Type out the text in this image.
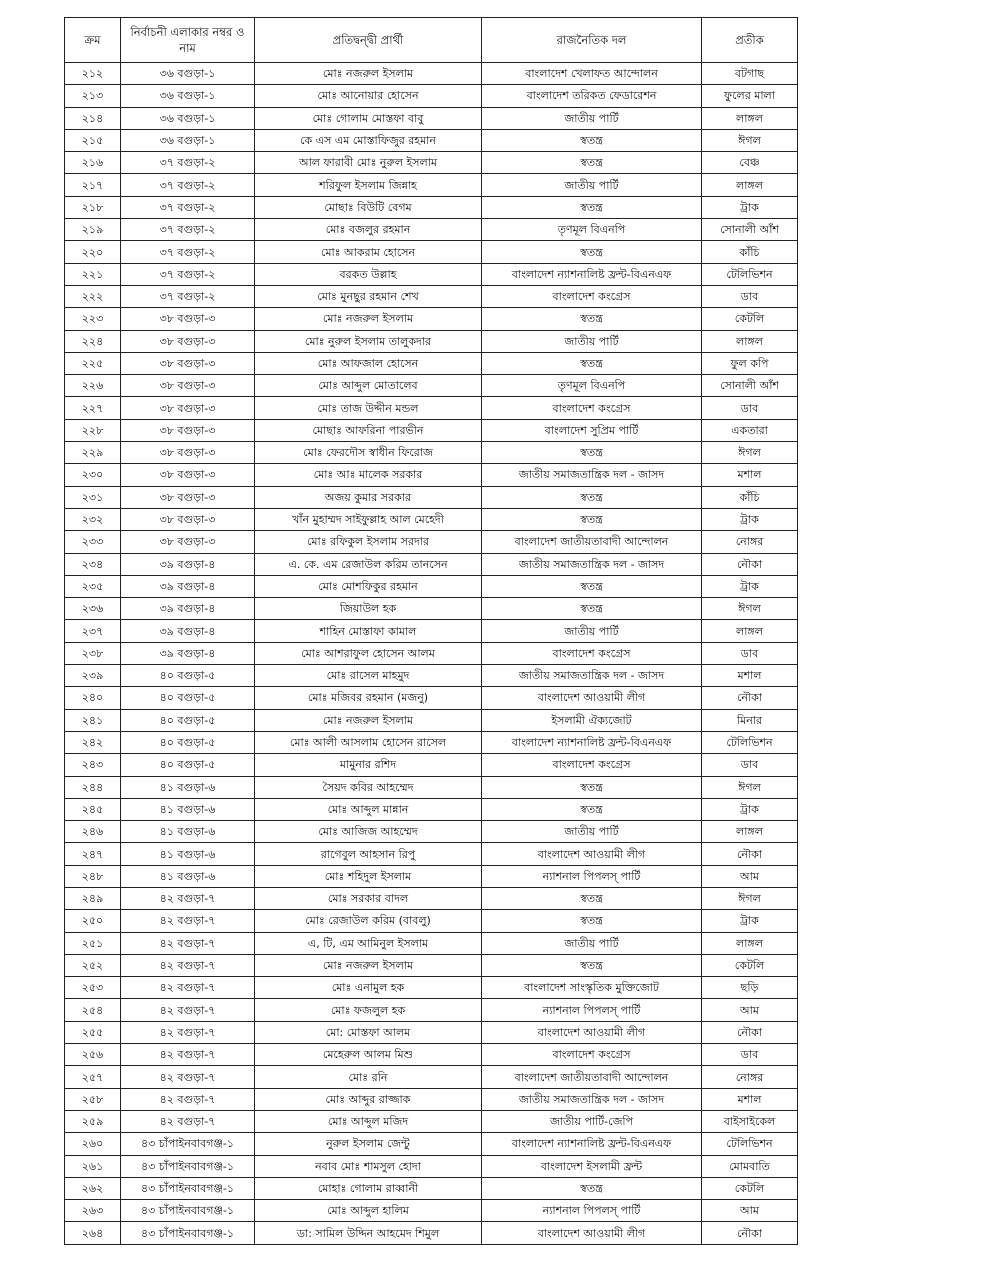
ক্রম	নির্বাচনী এলাকার নম্বর ও নাম	প্রতিদ্বন্দ্বী প্রার্থী	রাজনৈতিক দল	প্রতীক
২১২	৩৬ বগুড়া-১	মোঃ নজরুল ইসলাম	বাংলাদেশ খেলাফত আন্দোলন	বটগাছ
২১৩	৩৬ বগুড়া-১	মোঃ আনোয়ার হোসেন	বাংলাদেশ তরিকত ফেডারেশন	ফুলের মালা
২১৪	৩৬ বগুড়া-১	মোঃ গোলাম মোস্তফা বাবু	জাতীয় পার্টি	লাঙ্গল
২১৫	৩৬ বগুড়া-১	কে এস এম মোস্তাফিজুর রহমান	স্বতন্ত্র	ঈগল
২১৬	৩৭ বগুড়া-২	আল ফারাবী মোঃ নুরুল ইসলাম	স্বতন্ত্র	বেঞ্চ
২১৭	৩৭ বগুড়া-২	শরিফুল ইসলাম জিন্নাহ	জাতীয় পার্টি	লাঙ্গল
২১৮	৩৭ বগুড়া-২	মোছাঃ বিউটি বেগম	স্বতন্ত্র	ট্রাক
২১৯	৩৭ বগুড়া-২	মোঃ বজলুর রহমান	তৃণমূল বিএনপি	সোনালী আঁশ
২২০	৩৭ বগুড়া-২	মোঃ আকরাম হোসেন	স্বতন্ত্র	কাঁচি
২২১	৩৭ বগুড়া-২	বরকত উল্লাহ	বাংলাদেশ ন্যাশনালিষ্ট ফ্রন্ট-বিএনএফ	টেলিভিশন
২২২	৩৭ বগুড়া-২	মোঃ মুনছুর রহমান শেখ	বাংলাদেশ কংগ্রেস	ডাব
২২৩	৩৮ বগুড়া-৩	মোঃ নজরুল ইসলাম	স্বতন্ত্র	কেটলি
২২৪	৩৮ বগুড়া-৩	মোঃ নুরুল ইসলাম তালুকদার	জাতীয় পার্টি	লাঙ্গল
২২৫	৩৮ বগুড়া-৩	মোঃ আফজাল হোসেন	স্বতন্ত্র	ফুল কপি
২২৬	৩৮ বগুড়া-৩	মোঃ আব্দুল মোতালেব	তৃণমূল বিএনপি	সোনালী আঁশ
২২৭	৩৮ বগুড়া-৩	মোঃ তাজ উদ্দীন মন্ডল	বাংলাদেশ কংগ্রেস	ডাব
২২৮	৩৮ বগুড়া-৩	মোছাঃ আফরিনা পারভীন	বাংলাদেশ সুপ্রিম পার্টি	একতারা
২২৯	৩৮ বগুড়া-৩	মোঃ ফেরদৌস স্বাধীন ফিরোজ	স্বতন্ত্র	ঈগল
২৩০	৩৮ বগুড়া-৩	মোঃ আঃ মালেক সরকার	জাতীয় সমাজতান্ত্রিক দল - জাসদ	মশাল
২৩১	৩৮ বগুড়া-৩	অজয় কুমার সরকার	স্বতন্ত্র	কাঁচি
২৩২	৩৮ বগুড়া-৩	খাঁন মুহাম্মদ সাইফুল্লাহ আল মেহেদী	স্বতন্ত্র	ট্রাক
২৩৩	৩৮ বগুড়া-৩	মোঃ রফিকুল ইসলাম সরদার	বাংলাদেশ জাতীয়তাবাদী আন্দোলন	নোঙ্গর
২৩৪	৩৯ বগুড়া-৪	এ. কে. এম রেজাউল করিম তানসেন	জাতীয় সমাজতান্ত্রিক দল - জাসদ	নৌকা
২৩৫	৩৯ বগুড়া-৪	মোঃ মোশফিকুর রহমান	স্বতন্ত্র	ট্রাক
২৩৬	৩৯ বগুড়া-৪	জিয়াউল হক	স্বতন্ত্র	ঈগল
২৩৭	৩৯ বগুড়া-৪	শাহিন মোস্তাফা কামাল	জাতীয় পার্টি	লাঙ্গল
২৩৮	৩৯ বগুড়া-৪	মোঃ আশরাফুল হোসেন আলম	বাংলাদেশ কংগ্রেস	ডাব
২৩৯	৪০ বগুড়া-৫	মোঃ রাসেল মাহমুদ	জাতীয় সমাজতান্ত্রিক দল - জাসদ	মশাল
২৪০	৪০ বগুড়া-৫	মোঃ মজিবর রহমান (মজনু)	বাংলাদেশ আওয়ামী লীগ	নৌকা
২৪১	৪০ বগুড়া-৫	মোঃ নজরুল ইসলাম	ইসলামী ঐক্যজোট	মিনার
২৪২	৪০ বগুড়া-৫	মোঃ আলী আসলাম হোসেন রাসেল	বাংলাদেশ ন্যাশনালিষ্ট ফ্রন্ট-বিএনএফ	টেলিভিশন
২৪৩	৪০ বগুড়া-৫	মামুনার রশিদ	বাংলাদেশ কংগ্রেস	ডাব
২৪৪	৪১ বগুড়া-৬	সৈয়দ কবির আহম্মেদ	স্বতন্ত্র	ঈগল
২৪৫	৪১ বগুড়া-৬	মোঃ আব্দুল মান্নান	স্বতন্ত্র	ট্রাক
২৪৬	৪১ বগুড়া-৬	মোঃ আজিজ আহম্মেদ	জাতীয় পার্টি	লাঙ্গল
২৪৭	৪১ বগুড়া-৬	রাগেবুল আহসান রিপু	বাংলাদেশ আওয়ামী লীগ	নৌকা
২৪৮	৪১ বগুড়া-৬	মোঃ শহিদুল ইসলাম	ন্যাশনাল পিপলস্ পার্টি	আম
২৪৯	৪২ বগুড়া-৭	মোঃ সরকার বাদল	স্বতন্ত্র	ঈগল
২৫০	৪২ বগুড়া-৭	মোঃ রেজাউল করিম (বাবলু)	স্বতন্ত্র	ট্রাক
২৫১	৪২ বগুড়া-৭	এ, টি, এম আমিনুল ইসলাম	জাতীয় পার্টি	লাঙ্গল
২৫২	৪২ বগুড়া-৭	মোঃ নজরুল ইসলাম	স্বতন্ত্র	কেটলি
২৫৩	৪২ বগুড়া-৭	মোঃ এনামুল হক	বাংলাদেশ সাংস্কৃতিক মুক্তিজোট	ছড়ি
২৫৪	৪২ বগুড়া-৭	মোঃ ফজলুল হক	ন্যাশনাল পিপলস্ পার্টি	আম
২৫৫	৪২ বগুড়া-৭	মো: মোস্তফা আলম	বাংলাদেশ আওয়ামী লীগ	নৌকা
২৫৬	৪২ বগুড়া-৭	মেহেরুল আলম মিশু	বাংলাদেশ কংগ্রেস	ডাব
২৫৭	৪২ বগুড়া-৭	মোঃ রনি	বাংলাদেশ জাতীয়তাবাদী আন্দোলন	নোঙ্গর
২৫৮	৪২ বগুড়া-৭	মোঃ আব্দুর রাজ্জাক	জাতীয় সমাজতান্ত্রিক দল - জাসদ	মশাল
২৫৯	৪২ বগুড়া-৭	মোঃ আব্দুল মজিদ	জাতীয় পার্টি-জেপি	বাইসাইকেল
২৬০	৪৩ চাঁপাইনবাবগঞ্জ-১	নুরুল ইসলাম জেন্টু	বাংলাদেশ ন্যাশনালিষ্ট ফ্রন্ট-বিএনএফ	টেলিভিশন
২৬১	৪৩ চাঁপাইনবাবগঞ্জ-১	নবাব মোঃ শামসুল হোদা	বাংলাদেশ ইসলামী ফ্রন্ট	মোমবাতি
২৬২	৪৩ চাঁপাইনবাবগঞ্জ-১	মোহাঃ গোলাম রাব্বানী	স্বতন্ত্র	কেটলি
২৬৩	৪৩ চাঁপাইনবাবগঞ্জ-১	মোঃ আব্দুল হালিম	ন্যাশনাল পিপলস্ পার্টি	আম
২৬৪	৪৩ চাঁপাইনবাবগঞ্জ-১	ডা: সামিল উদ্দিন আহমেদ শিমুল	বাংলাদেশ আওয়ামী লীগ	নৌকা
